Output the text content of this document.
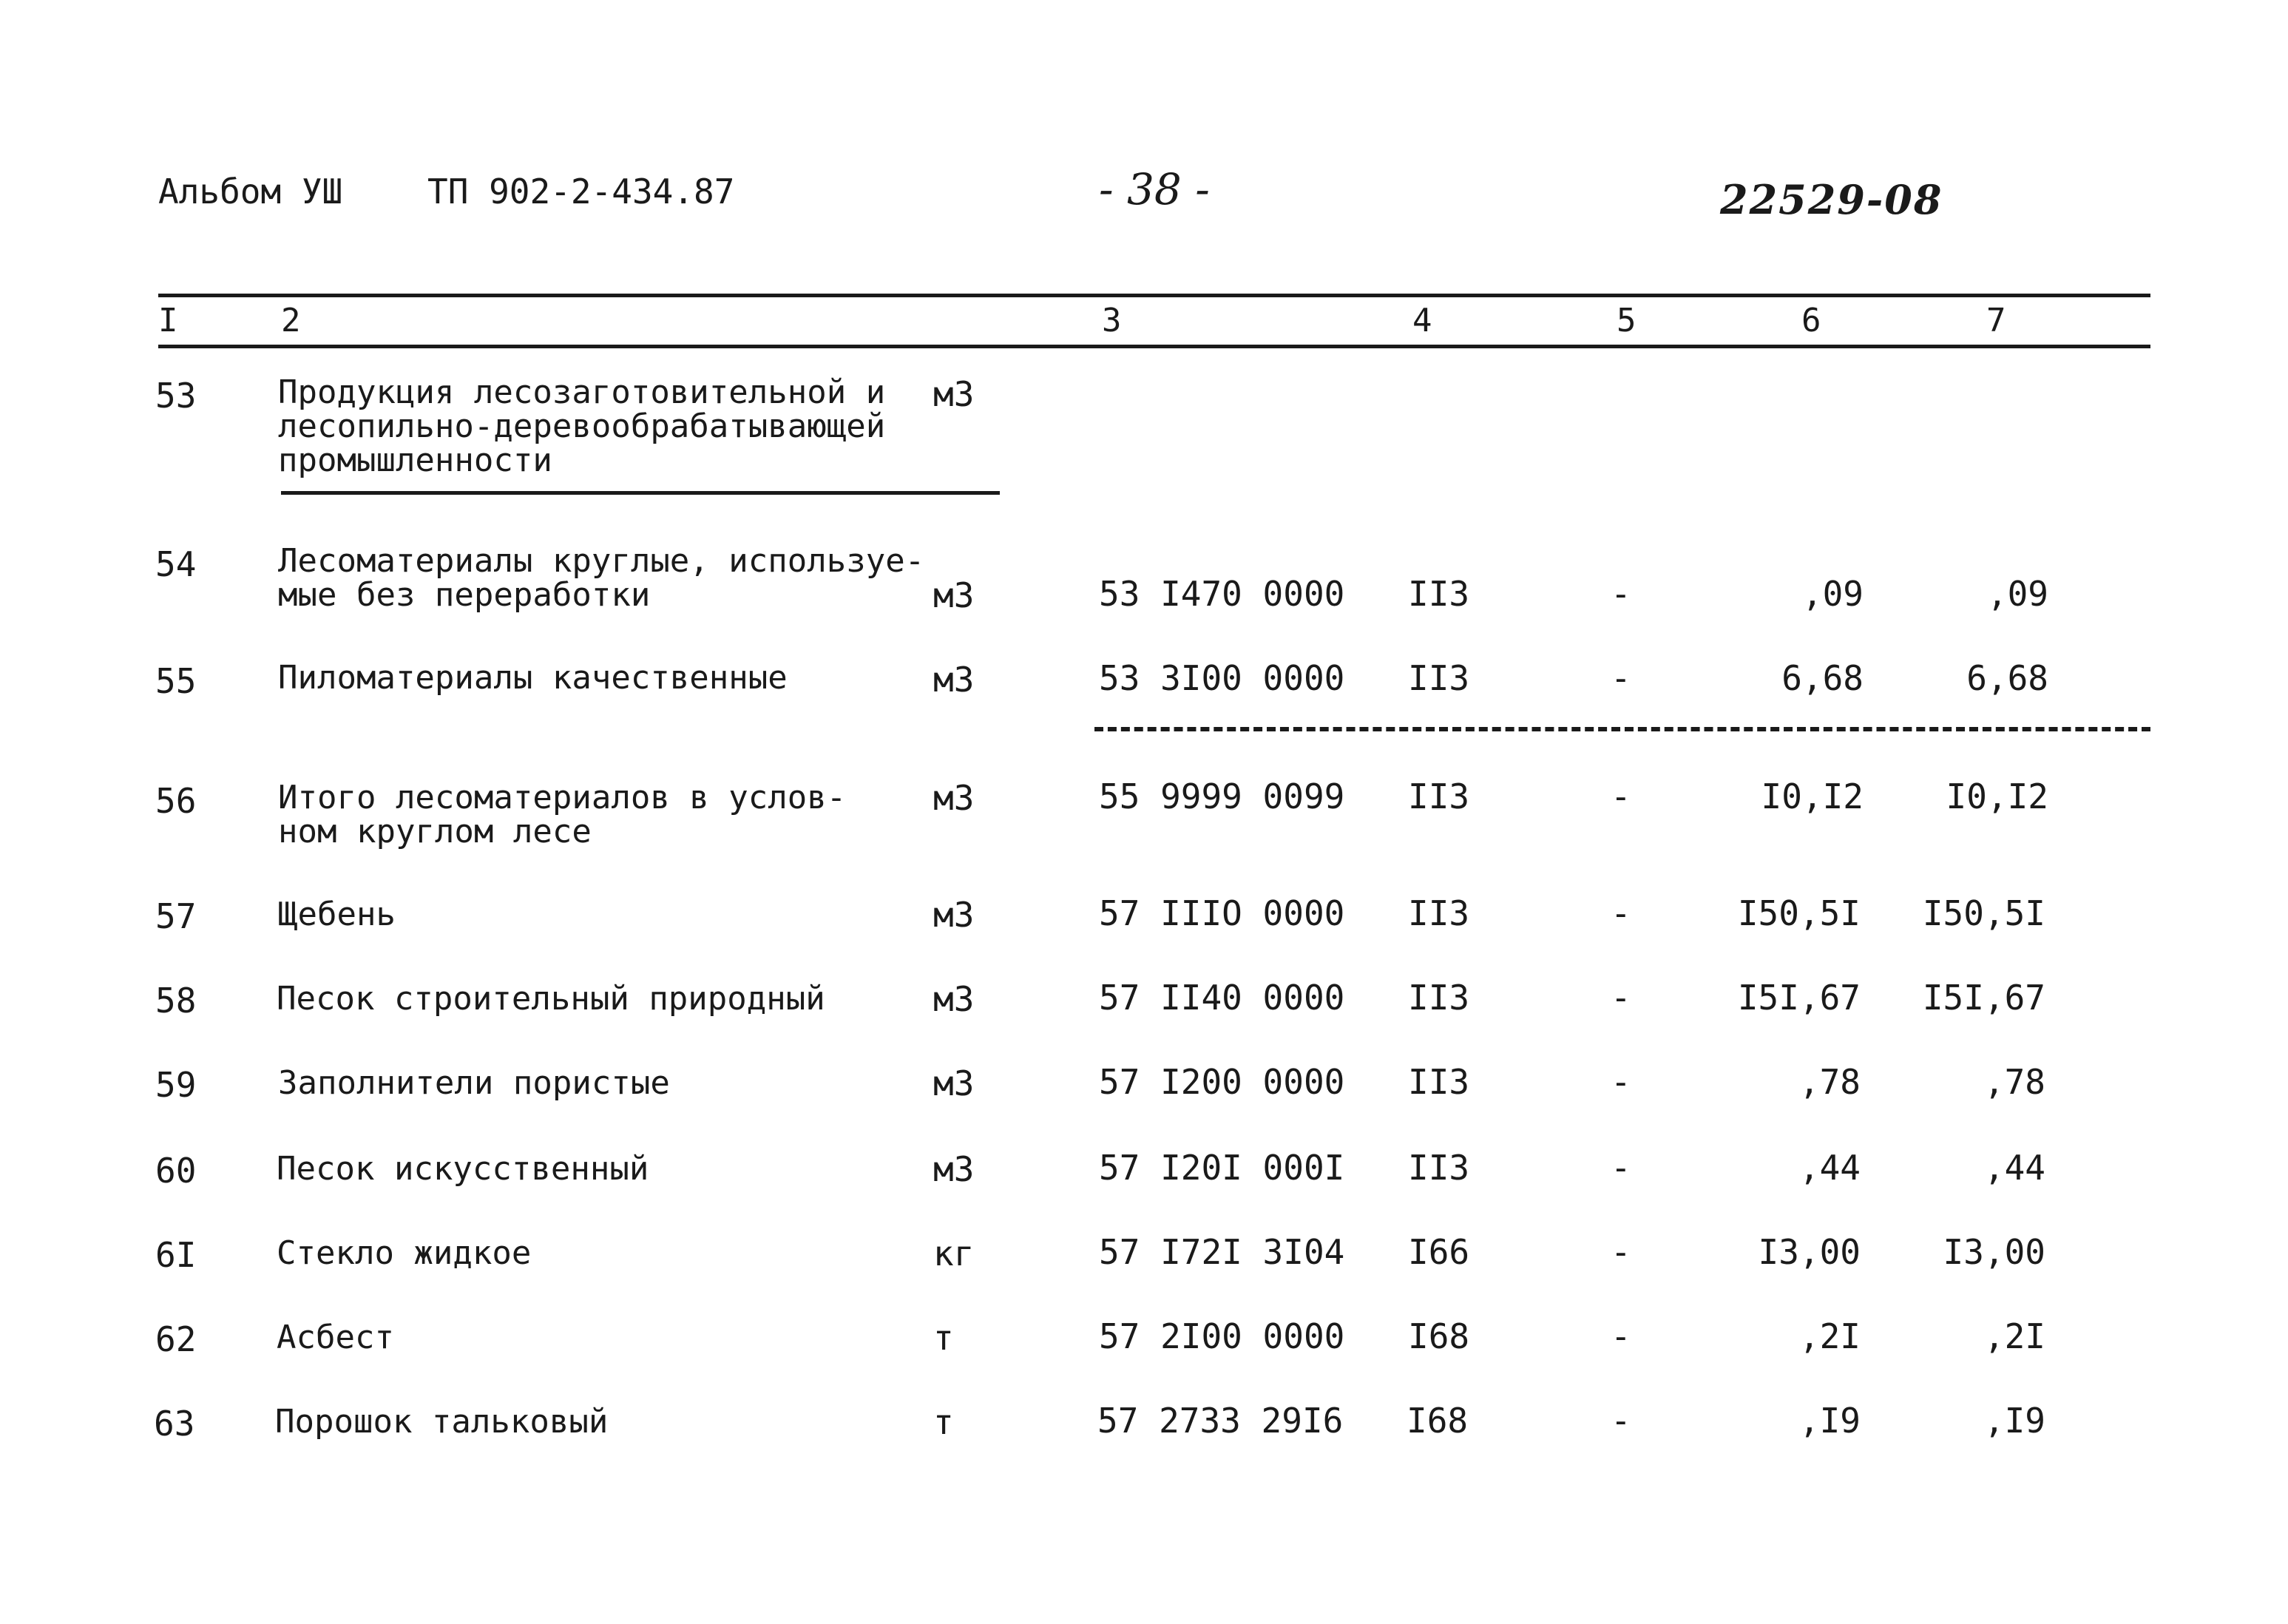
Альбом УШ ТП 902-2-434.87	- 38 -	22529-08
I	2	3	4	5	6	7
53	Продукция лесозаготовительной и
лесопильно-деревообрабатывающей
промышленности
м3
54	Лесоматериалы круглые, используе-
мые без переработки	м3	53 I470 0000 II3	-	,09	,09
55	Пиломатериалы качественные	м3	53 3I00 0000 II3	-	6,68	6,68
56	Итого лесоматериалов в услов-
ном круглом лесе
м3	55 9999 0099 II3	-	I0,I2	I0,I2
57	Щебень	м3	57 IIIO 0000 II3	-	I50,5I	I50,5I
58 Песок строительный природный	м3	57 II40 0000 II3	-	I5I,67	I5I,67
59	Заполнители пористые	м3	57 I200 0000 II3	-	,78	,78
60 Песок искусственный	м3	57 I20I 000I II3	-	,44	,44
6I Стекло жидкое	кг	57 I72I 3I04 I66	-	I3,00	I3,00
62 Асбест	т	57 2I00 0000 I68	-	,2I	,2I
63 Порошок тальковый	т	57 2733 29I6 I68	-	,I9	,I9
